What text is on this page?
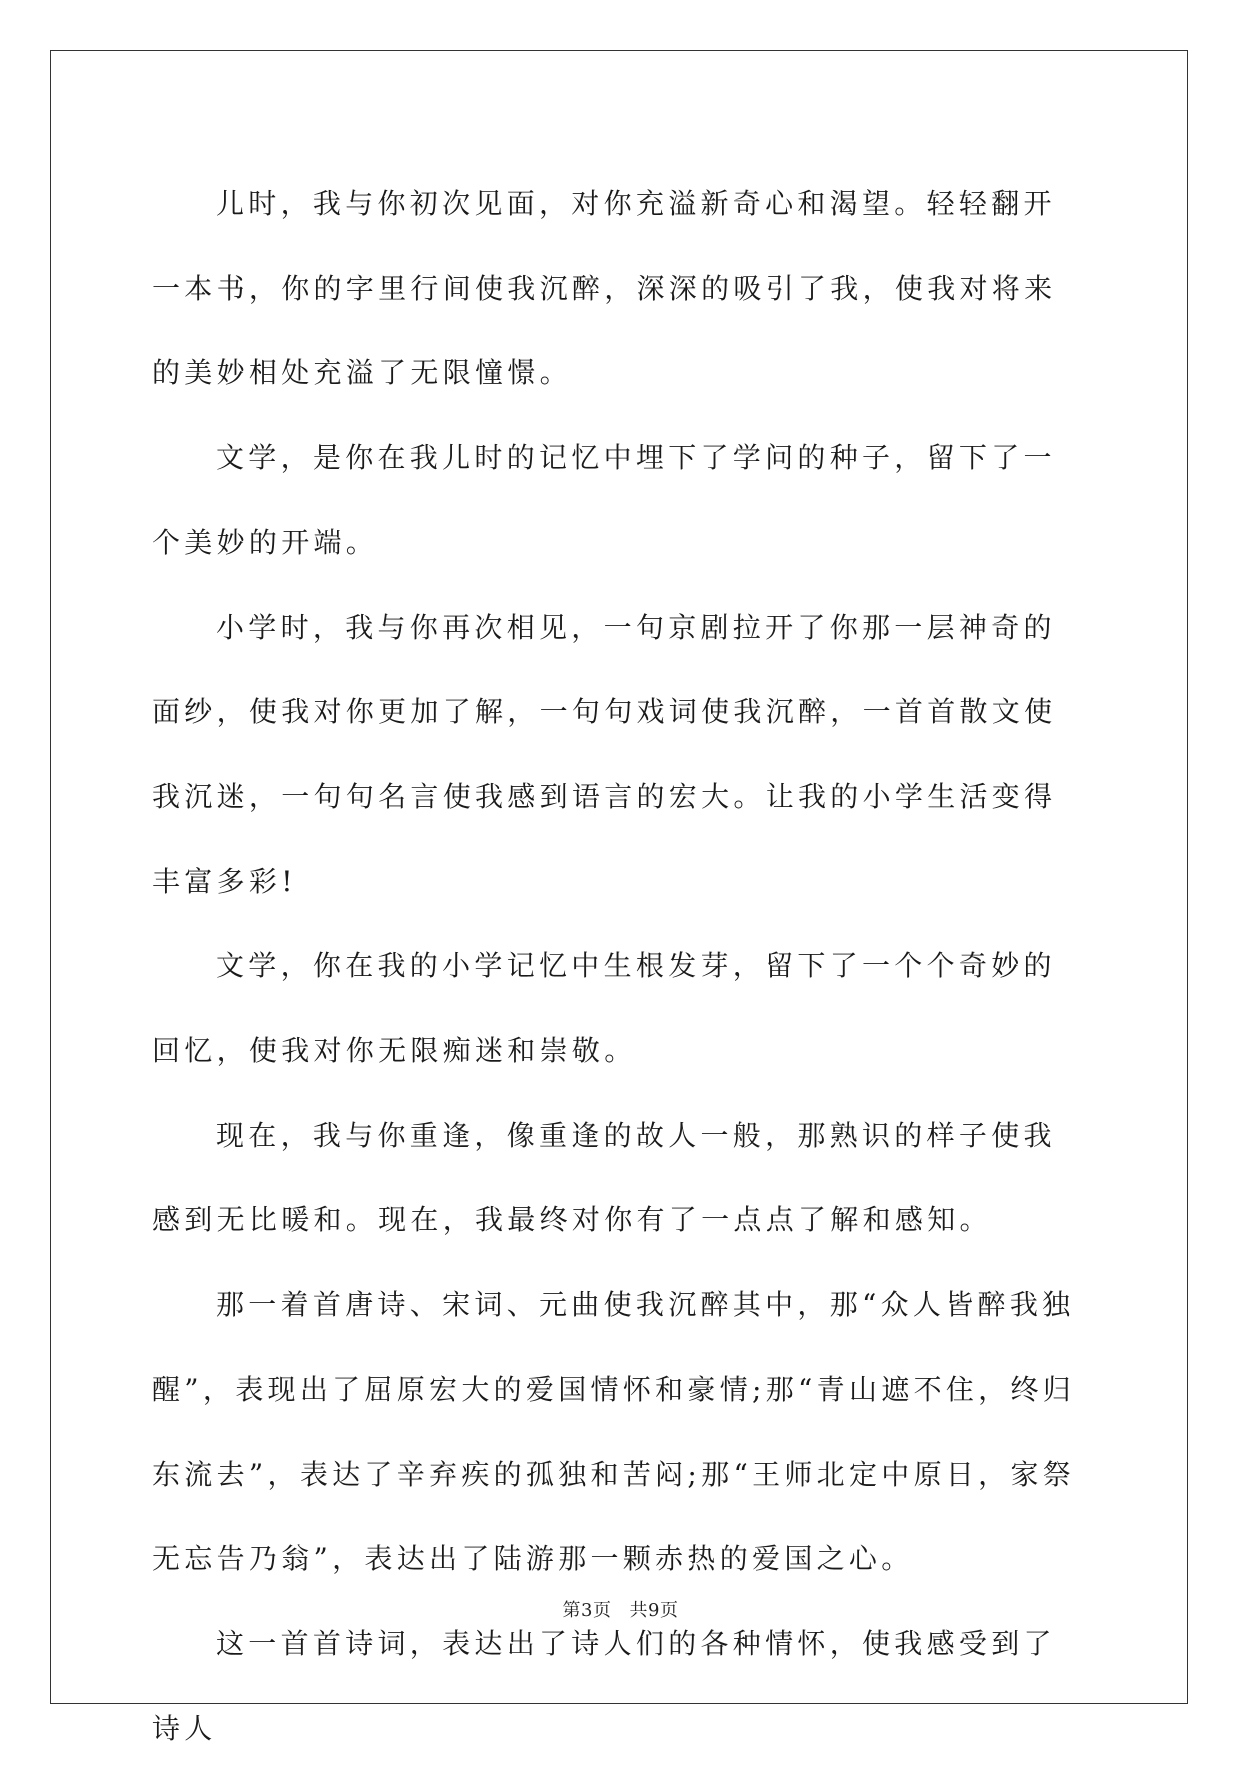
儿时，我与你初次见面，对你充溢新奇心和渴望。轻轻翻开一本书，你的字里行间使我沉醉，深深的吸引了我，使我对将来的美妙相处充溢了无限憧憬。

文学，是你在我儿时的记忆中埋下了学问的种子，留下了一个美妙的开端。

小学时，我与你再次相见，一句京剧拉开了你那一层神奇的面纱，使我对你更加了解，一句句戏词使我沉醉，一首首散文使我沉迷，一句句名言使我感到语言的宏大。让我的小学生活变得丰富多彩!

文学，你在我的小学记忆中生根发芽，留下了一个个奇妙的回忆，使我对你无限痴迷和崇敬。

现在，我与你重逢，像重逢的故人一般，那熟识的样子使我感到无比暖和。现在，我最终对你有了一点点了解和感知。

那一着首唐诗、宋词、元曲使我沉醉其中，那“众人皆醉我独醒”，表现出了屈原宏大的爱国情怀和豪情;那“青山遮不住，终归东流去”，表达了辛弃疾的孤独和苦闷;那“王师北定中原日，家祭无忘告乃翁”，表达出了陆游那一颗赤热的爱国之心。

这一首首诗词，表达出了诗人们的各种情怀，使我感受到了诗人

第3页 共9页
